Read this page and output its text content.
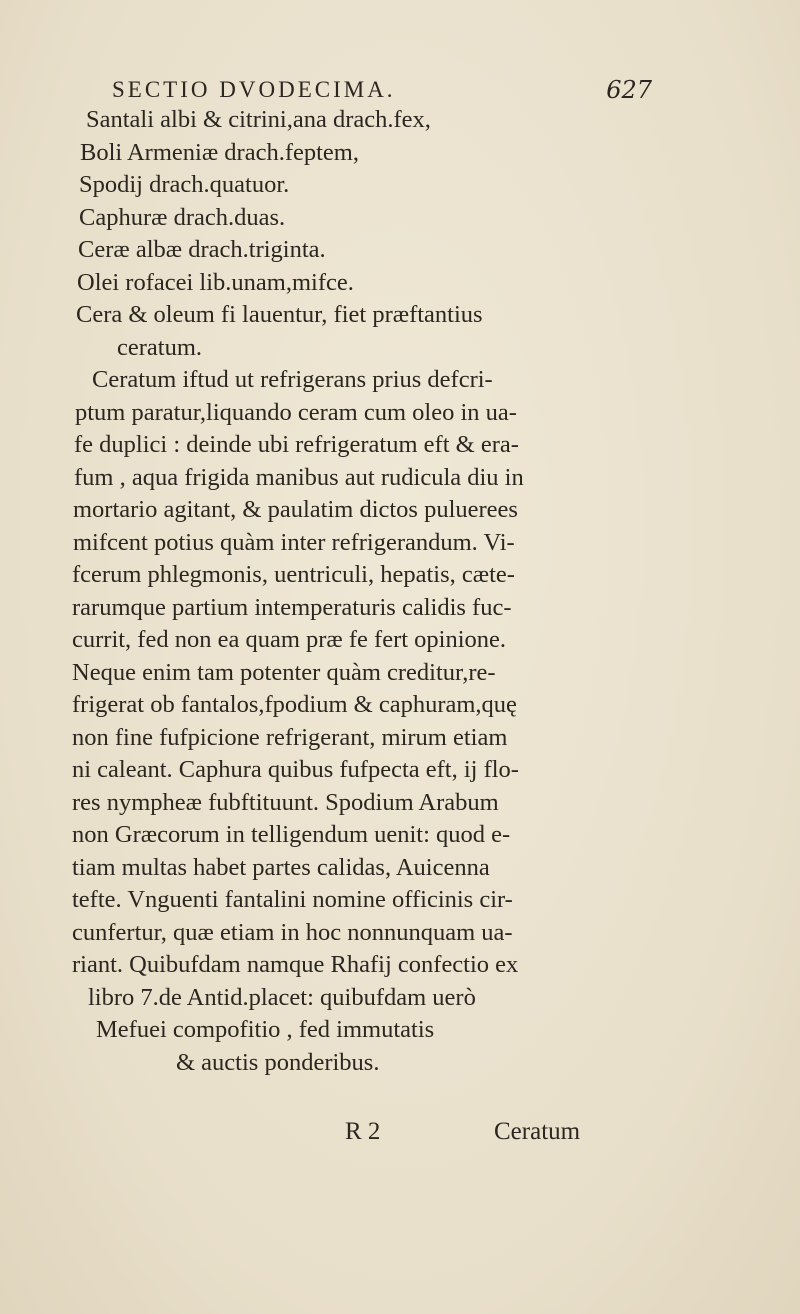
SECTIO DVODECIMA.	627
Santali albi & citrini,ana drach.fex,
Boli Armeniæ drach.feptem,
Spodij drach.quatuor.
Caphuræ drach.duas.
Ceræ albæ drach.triginta.
Olei rofacei lib.unam,mifce.
Cera & oleum fi lauentur, fiet præftantius
ceratum.
Ceratum iftud ut refrigerans prius defcri-
ptum paratur,liquando ceram cum oleo in ua-
fe duplici : deinde ubi refrigeratum eft & era-
fum , aqua frigida manibus aut rudicula diu in
mortario agitant, & paulatim dictos puluerees
mifcent potius quàm inter refrigerandum. Vi-
fcerum phlegmonis, uentriculi, hepatis, cæte-
rarumque partium intemperaturis calidis fuc-
currit, fed non ea quam præ fe fert opinione.
Neque enim tam potenter quàm creditur,re-
frigerat ob fantalos,fpodium & caphuram,quę
non fine fufpicione refrigerant, mirum etiam
ni caleant. Caphura quibus fufpecta eft, ij flo-
res nympheæ fubftituunt. Spodium Arabum
non Græcorum in telligendum uenit: quod e-
tiam multas habet partes calidas, Auicenna
tefte. Vnguenti fantalini nomine officinis cir-
cunfertur, quæ etiam in hoc nonnunquam ua-
riant. Quibufdam namque Rhafij confectio ex
libro 7.de Antid.placet: quibufdam uerò
Mefuei compofitio , fed immutatis
& auctis ponderibus.
R 2	Ceratum
